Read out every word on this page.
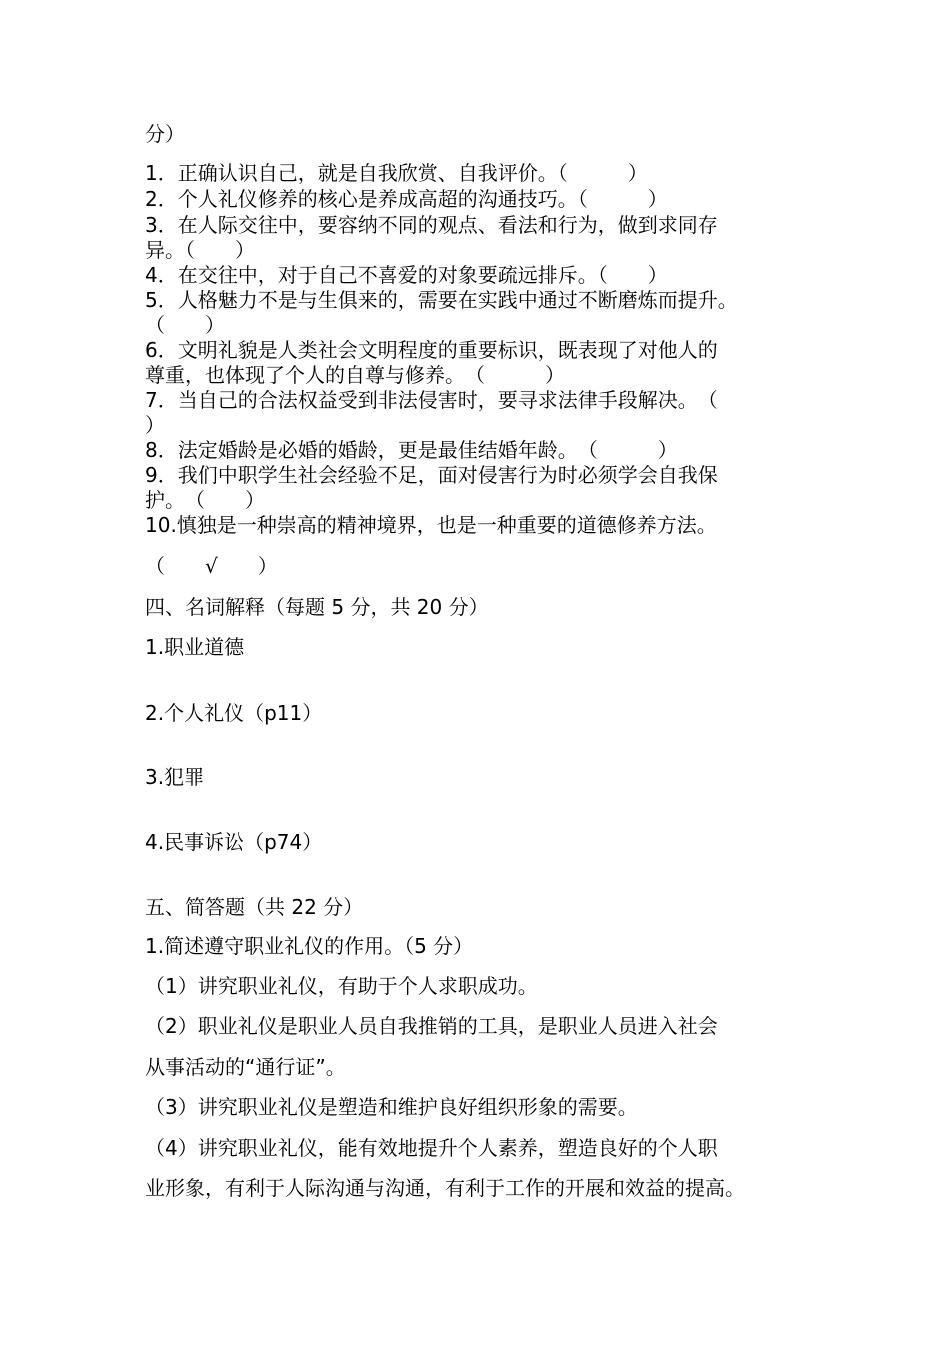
分）
1．正确认识自己，就是自我欣赏、自我评价。（　　　）
2．个人礼仪修养的核心是养成高超的沟通技巧。（　　　）
3．在人际交往中，要容纳不同的观点、看法和行为，做到求同存
异。（　　）
4．在交往中，对于自己不喜爱的对象要疏远排斥。（　　）
5．人格魅力不是与生俱来的，需要在实践中通过不断磨炼而提升。
（　　）
6．文明礼貌是人类社会文明程度的重要标识，既表现了对他人的
尊重，也体现了个人的自尊与修养。　（　　　）
7．当自己的合法权益受到非法侵害时，要寻求法律手段解决。　（
）
8．法定婚龄是必婚的婚龄，更是最佳结婚年龄。　（　　　）
9．我们中职学生社会经验不足，面对侵害行为时必须学会自我保
护。　（　　）
10.慎独是一种崇高的精神境界，也是一种重要的道德修养方法。
（　　√　　）
四、名词解释（每题 5 分，共 20 分）
1.职业道德
2.个人礼仪（p11）
3.犯罪
4.民事诉讼（p74）
五、简答题（共 22 分）
1.简述遵守职业礼仪的作用。（5 分）
（1）讲究职业礼仪，有助于个人求职成功。
（2）职业礼仪是职业人员自我推销的工具，是职业人员进入社会
从事活动的“通行证”。
（3）讲究职业礼仪是塑造和维护良好组织形象的需要。
（4）讲究职业礼仪，能有效地提升个人素养，塑造良好的个人职
业形象，有利于人际沟通与沟通，有利于工作的开展和效益的提高。
